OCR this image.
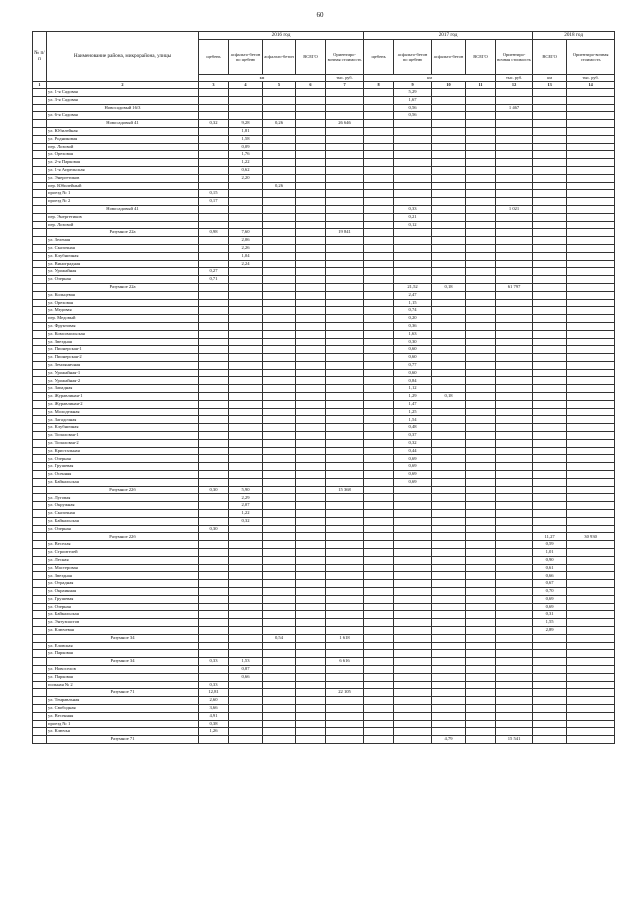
60
№ п/п	Наименование района, микрорайона, улицы	2016 год					2017 год					2018 год	
		щебень	асфальто-бетон по щебню	асфальто-бетон	ВСЕГО	Ориентиро-вочная стоимость	щебень	асфальто-бетон по щебню	асфальто-бетон	ВСЕГО	Ориентиро-вочная стоимость	ВСЕГО	Ориентиро-вочная стоимость
		км				тыс. руб.	км				тыс. руб.	км	тыс. руб.
1	2	3	4	5	6	7	8	9	10	11	12	13	14
	ул. 1-я Садовая							5,29					
	ул. 3-я Садовая							1,67					
	Новосадовый 16/3							0,56			1 467		
	ул. 6-я Садовая							0,56					
	Новосадовый 41	0,32	9,28	0,26		26 646							
	ул. Юбилейная		1,81										
	ул. Родниковая		1,58										
	пер. Лозовой		0,09										
	ул. Ореховая		1,76										
	ул. 2-я Парковая		1,22										
	ул. 1-я Апрельская		0,62										
	ул. Энергетиков		2,20										
	пер. Юбилейный			0,26									
	проезд № 1	0,15											
	проезд № 2	0,17											
	Новосадовый 41							0,33			1 021		
	пер. Энергетиков							0,21					
	пер. Лозовой							0,12					
	Разумное 22а	0,98	7,60			19 841							
	ул. Зеленая		2,06										
	ул. Сказочная		2,26										
	ул. Клубничная		1,04										
	ул. Виноградная		2,24										
	ул. Урожайная	0,27											
	ул. Озерная	0,71											
	Разумное 22а							21,52	0,18		61 797		
	ул. Кольцевая							2,47					
	ул. Ореховая							1,15					
	ул. Медовая							0,74					
	пер. Медовый							0,20					
	ул. Фруктовая							0,36					
	ул. Комсомольская							1,63					
	ул. Звездная							0,30					
	ул. Пионерская-1							0,60					
	ул. Пионерская-2							0,60					
	ул. Земляничная							0,77					
	ул. Урожайная-1							0,60					
	ул. Урожайная-2							0,84					
	ул. Западная							1,12					
	ул. Журавлиная-1							1,29	0,18				
	ул. Журавлиная-2							1,47					
	ул. Молодежная							1,25					
	ул. Загадочная							1,54					
	ул. Клубничная							0,48					
	ул. Топаловая-1							0,37					
	ул. Топаловая-2							0,32					
	ул. Кристальная							0,44					
	ул. Озерная							0,69					
	ул. Грушевая							0,69					
	ул. Осенняя							0,69					
	ул. Байкальская							0,69					
	Разумное 22б	0,30	5,90			15 368							
	ул. Луговая		2,29										
	ул. Окружная		2,07										
	ул. Сказочная		1,22										
	ул. Байкальская		0,32										
	ул. Озерная	0,30											
	Разумное 22б											11,27	30 930
	ул. Веселая											0,59	
	ул. Строителей											1,01	
	ул. Лесная											0,90	
	ул. Мастеровая											0,61	
	ул. Звездная											0,66	
	ул. Отрадная											0,67	
	ул. Окраинная											0,70	
	ул. Грушевая											0,69	
	ул. Озерная											0,69	
	ул. Байкальская											0,31	
	ул. Энтузиастов											1,55	
	ул. Ключевая											2,89	
	Разумное 34			0,54		1 618							
	ул. Еловская												
	ул. Парковая												
	Разумное 34	0,33	1,53			6 616							
	ул. Новоселов		0,87										
	ул. Парковая		0,66										
	польная № 2	0,33											
	Разумное 71	12,81				22 105							
	ул. Тенравльная	2,60											
	ул. Свободная	3,66											
	ул. Весенняя	4,91											
	проезд № 1	0,38											
	ул. Ключья	1,26											
	Разумное 71								4,79		15 541		
